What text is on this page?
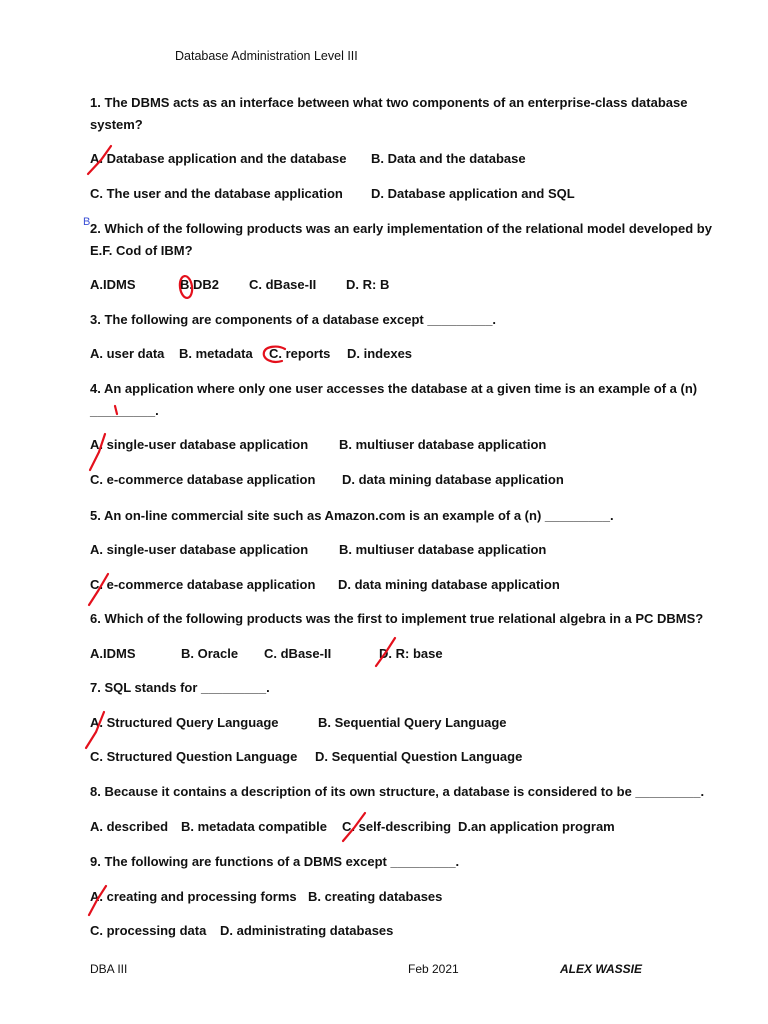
Database Administration Level III
1. The DBMS acts as an interface between what two components of an enterprise-class database
system?
A. Database application and the database B. Data and the database
C. The user and the database application D. Database application and SQL
B 2. Which of the following products was an early implementation of the relational model developed by
E.F. Cod of IBM?
A.IDMS	B.DB2 C. dBase-II D. R: B
3. The following are components of a database except _________.
A. user data B. metadata C. reports D. indexes
4. An application where only one user accesses the database at a given time is an example of a (n)
_________.
A. single-user database application B. multiuser database application
C. e-commerce database application D. data mining database application
5. An on-line commercial site such as Amazon.com is an example of a (n) _________.
A. single-user database application B. multiuser database application
C. e-commerce database application D. data mining database application
6. Which of the following products was the first to implement true relational algebra in a PC DBMS?
A.IDMS	B. Oracle C. dBase-II	D. R: base
7. SQL stands for _________.
A. Structured Query Language	B. Sequential Query Language
C. Structured Question Language D. Sequential Question Language
8. Because it contains a description of its own structure, a database is considered to be _________.
A. described B. metadata compatible C. self-describing D.an application program
9. The following are functions of a DBMS except _________.
A. creating and processing forms B. creating databases
C. processing data D. administrating databases
DBA III	Feb 2021	ALEX WASSIE
